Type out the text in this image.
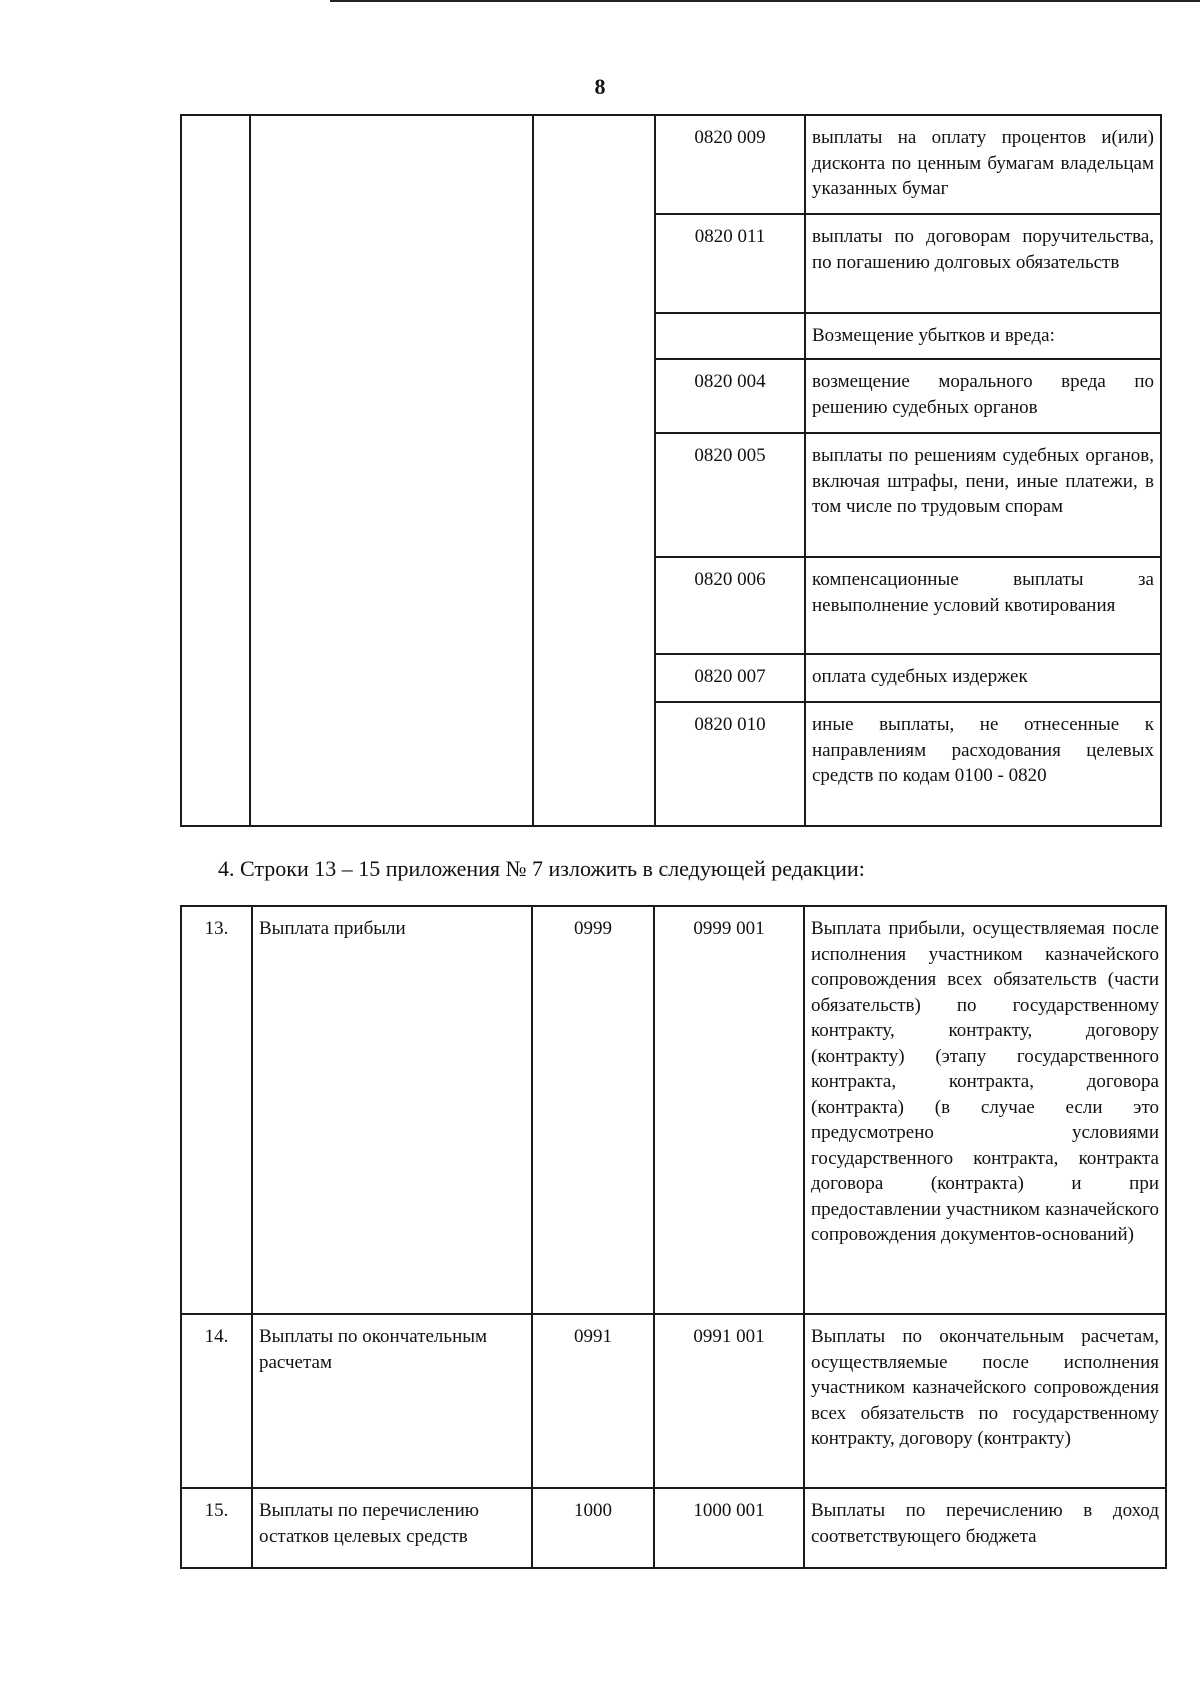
8
			0820 009	выплаты на оплату процентов и(или) дисконта по ценным бумагам владельцам указанных бумаг
			0820 011	выплаты по договорам поручительства, по погашению долговых обязательств
				Возмещение убытков и вреда:
			0820 004	возмещение морального вреда по решению судебных органов
			0820 005	выплаты по решениям судебных органов, включая штрафы, пени, иные платежи, в том числе по трудовым спорам
			0820 006	компенсационные выплаты за невыполнение условий квотирования
			0820 007	оплата судебных издержек
			0820 010	иные выплаты, не отнесенные к направлениям расходования целевых средств по кодам 0100 - 0820
4. Строки 13 – 15 приложения № 7 изложить в следующей редакции:
13.	Выплата прибыли	0999	0999 001	Выплата прибыли, осуществляемая после исполнения участником казначейского сопровождения всех обязательств (части обязательств) по государственному контракту, контракту, договору (контракту) (этапу государственного контракта, контракта, договора (контракта) (в случае если это предусмотрено условиями государственного контракта, контракта договора (контракта) и при предоставлении участником казначейского сопровождения документов-оснований)
14.	Выплаты по окончательным расчетам	0991	0991 001	Выплаты по окончательным расчетам, осуществляемые после исполнения участником казначейского сопровождения всех обязательств по государственному контракту, договору (контракту)
15.	Выплаты по перечислению остатков целевых средств	1000	1000 001	Выплаты по перечислению в доход соответствующего бюджета
